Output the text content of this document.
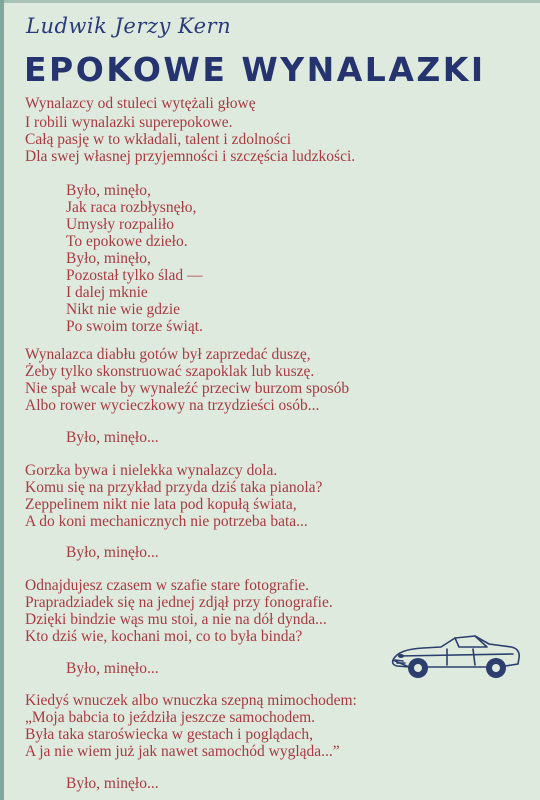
Ludwik Jerzy Kern
EPOKOWE WYNALAZKI
Wynalazcy od stuleci wytężali głowę
I robili wynalazki superepokowe.
Całą pasję w to wkładali, talent i zdolności
Dla swej własnej przyjemności i szczęścia ludzkości.
Było, minęło,
Jak raca rozbłysnęło,
Umysły rozpaliło
To epokowe dzieło.
Było, minęło,
Pozostał tylko ślad —
I dalej mknie
Nikt nie wie gdzie
Po swoim torze świąt.
Wynalazca diabłu gotów był zaprzedać duszę,
Żeby tylko skonstruować szapoklak lub kuszę.
Nie spał wcale by wynaleźć przeciw burzom sposób
Albo rower wycieczkowy na trzydzieści osób...
Było, minęło...
Gorzka bywa i nielekka wynalazcy dola.
Komu się na przykład przyda dziś taka pianola?
Zeppelinem nikt nie lata pod kopułą świata,
A do koni mechanicznych nie potrzeba bata...
Było, minęło...
Odnajdujesz czasem w szafie stare fotografie.
Prapradziadek się na jednej zdjął przy fonografie.
Dzięki bindzie wąs mu stoi, a nie na dół dynda...
Kto dziś wie, kochani moi, co to była binda?
Było, minęło...
Kiedyś wnuczek albo wnuczka szepną mimochodem:
„Moja babcia to jeździła jeszcze samochodem.
Była taka staroświecka w gestach i poglądach,
A ja nie wiem już jak nawet samochód wygląda...”
Było, minęło...
